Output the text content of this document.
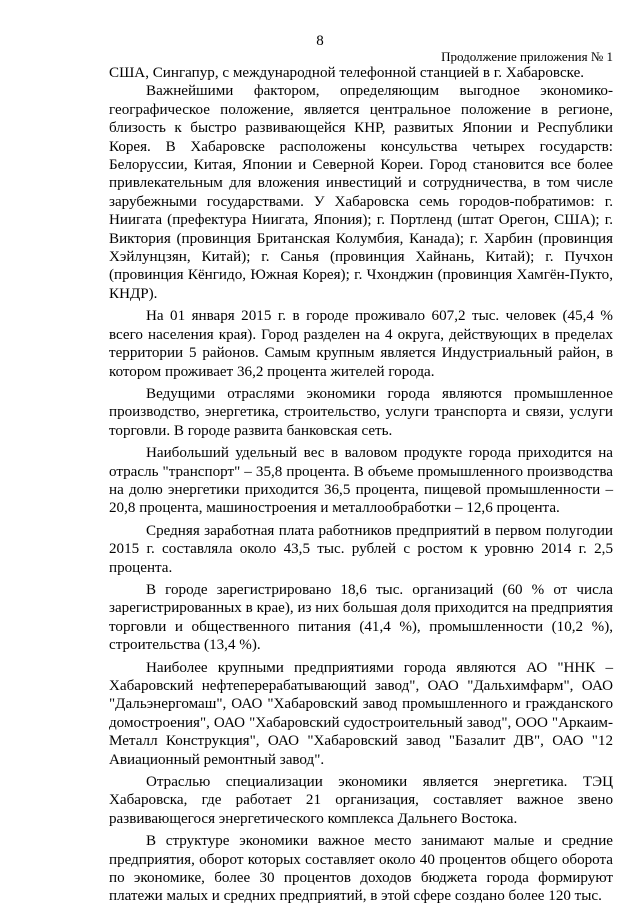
8
Продолжение приложения № 1

США, Сингапур, с международной телефонной станцией в г. Хабаровске.

Важнейшими фактором, определяющим выгодное экономико-географическое положение, является центральное положение в регионе, близость к быстро развивающейся КНР, развитых Японии и Республики Корея. В Хабаровске расположены консульства четырех государств: Белоруссии, Китая, Японии и Северной Кореи. Город становится все более привлекательным для вложения инвестиций и сотрудничества, в том числе зарубежными государствами. У Хабаровска семь городов-побратимов: г. Ниигата (префектура Ниигата, Япония); г. Портленд (штат Орегон, США); г. Виктория (провинция Британская Колумбия, Канада); г. Харбин (провинция Хэйлунцзян, Китай); г. Санья (провинция Хайнань, Китай); г. Пучхон (провинция Кёнгидо, Южная Корея); г. Чхонджин (провинция Хамгён-Пукто, КНДР).

На 01 января 2015 г. в городе проживало 607,2 тыс. человек (45,4 % всего населения края). Город разделен на 4 округа, действующих в пределах территории 5 районов. Самым крупным является Индустриальный район, в котором проживает 36,2 процента жителей города.

Ведущими отраслями экономики города являются промышленное производство, энергетика, строительство, услуги транспорта и связи, услуги торговли. В городе развита банковская сеть.

Наибольший удельный вес в валовом продукте города приходится на отрасль "транспорт" – 35,8 процента. В объеме промышленного производства на долю энергетики приходится 36,5 процента, пищевой промышленности – 20,8 процента, машиностроения и металлообработки – 12,6 процента.

Средняя заработная плата работников предприятий в первом полугодии 2015 г. составляла около 43,5 тыс. рублей с ростом к уровню 2014 г. 2,5 процента.

В городе зарегистрировано 18,6 тыс. организаций (60 % от числа зарегистрированных в крае), из них большая доля приходится на предприятия торговли и общественного питания (41,4 %), промышленности (10,2 %), строительства (13,4 %).

Наиболее крупными предприятиями города являются АО "ННК – Хабаровский нефтеперерабатывающий завод", ОАО "Дальхимфарм", ОАО "Дальэнергомаш", ОАО "Хабаровский завод промышленного и гражданского домостроения", ОАО "Хабаровский судостроительный завод", ООО "Аркаим-Металл Конструкция", ОАО "Хабаровский завод "Базалит ДВ", ОАО "12 Авиационный ремонтный завод".

Отраслью специализации экономики является энергетика. ТЭЦ Хабаровска, где работает 21 организация, составляет важное звено развивающегося энергетического комплекса Дальнего Востока.

В структуре экономики важное место занимают малые и средние предприятия, оборот которых составляет около 40 процентов общего оборота по экономике, более 30 процентов доходов бюджета города формируют платежи малых и средних предприятий, в этой сфере создано более 120 тыс.
